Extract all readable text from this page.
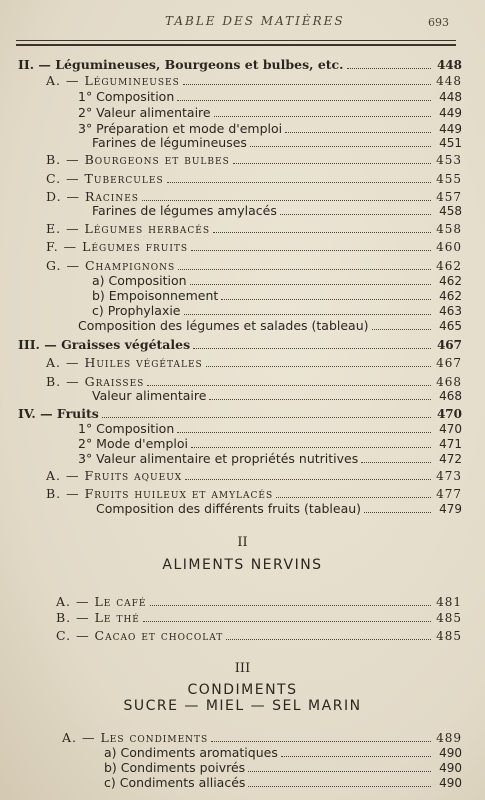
TABLE DES MATIÈRES	693
II. — Légumineuses, Bourgeons et bulbes, etc.	448
A. — Légumineuses	448
1° Composition	448
2° Valeur alimentaire	449
3° Préparation et mode d'emploi	449
Farines de légumineuses	451
B. — Bourgeons et bulbes	453
C. — Tubercules	455
D. — Racines	457
Farines de légumes amylacés	458
E. — Légumes herbacés	458
F. — Légumes fruits	460
G. — Champignons	462
a) Composition	462
b) Empoisonnement	462
c) Prophylaxie	463
Composition des légumes et salades (tableau)	465
III. — Graisses végétales	467
A. — Huiles végétales	467
B. — Graisses	468
Valeur alimentaire	468
IV. — Fruits	470
1° Composition	470
2° Mode d'emploi	471
3° Valeur alimentaire et propriétés nutritives	472
A. — Fruits aqueux	473
B. — Fruits huileux et amylacés	477
Composition des différents fruits (tableau)	479
II
ALIMENTS NERVINS
A. — Le café	481
B. — Le thé	485
C. — Cacao et chocolat	485
III
CONDIMENTS
SUCRE — MIEL — SEL MARIN
A. — Les condiments	489
a) Condiments aromatiques	490
b) Condiments poivrés	490
c) Condiments alliacés	490
